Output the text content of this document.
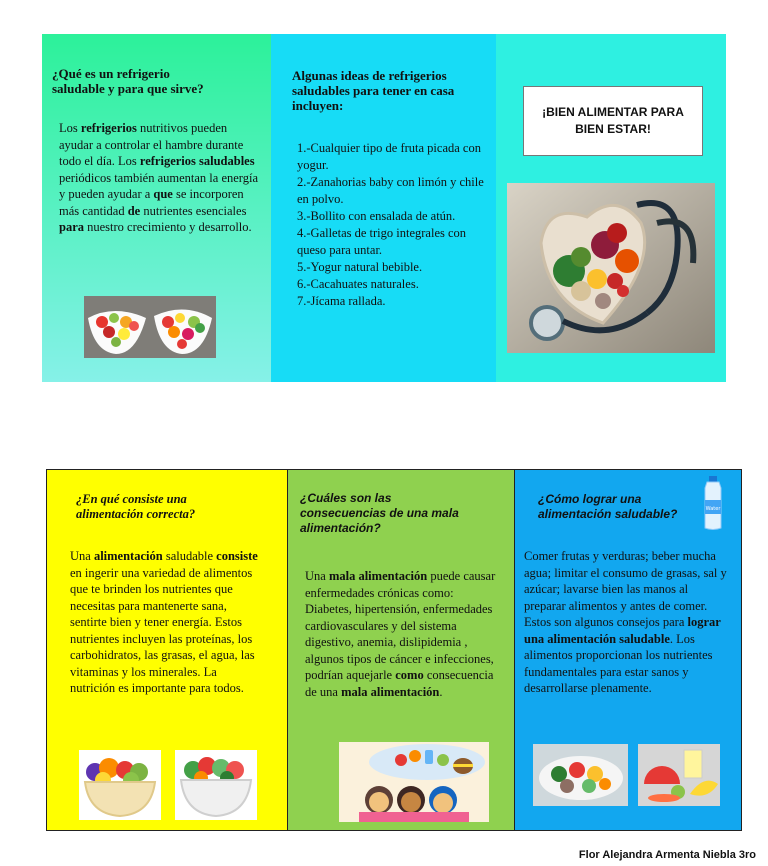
¿Qué es un refrigerio saludable y para que sirve?
Los refrigerios nutritivos pueden ayudar a controlar el hambre durante todo el día. Los refrigerios saludables periódicos también aumentan la energía y pueden ayudar a que se incorporen más cantidad de nutrientes esenciales para nuestro crecimiento y desarrollo.
Algunas ideas de refrigerios saludables para tener en casa incluyen:
1.-Cualquier tipo de fruta picada con yogur.
2.-Zanahorias baby con limón y chile en polvo.
3.-Bollito con ensalada de atún.
4.-Galletas de trigo integrales con queso para untar.
5.-Yogur natural bebible.
6.-Cacahuates naturales.
7.-Jícama rallada.
¡BIEN ALIMENTAR PARA BIEN ESTAR!
¿En qué consiste una alimentación correcta?
Una alimentación saludable consiste en ingerir una variedad de alimentos que te brinden los nutrientes que necesitas para mantenerte sana, sentirte bien y tener energía. Estos nutrientes incluyen las proteínas, los carbohidratos, las grasas, el agua, las vitaminas y los minerales. La nutrición es importante para todos.
¿Cuáles son las consecuencias de una mala alimentación?
Una mala alimentación puede causar enfermedades crónicas como: Diabetes, hipertensión, enfermedades cardiovasculares y del sistema digestivo, anemia, dislipidemia , algunos tipos de cáncer e infecciones, podrían aquejarle como consecuencia de una mala alimentación.
¿Cómo lograr una alimentación saludable?	Water
Comer frutas y verduras; beber mucha agua; limitar el consumo de grasas, sal y azúcar; lavarse bien las manos al preparar alimentos y antes de comer. Estos son algunos consejos para lograr una alimentación saludable. Los alimentos proporcionan los nutrientes fundamentales para estar sanos y desarrollarse plenamente.
Flor Alejandra Armenta Niebla 3ro
